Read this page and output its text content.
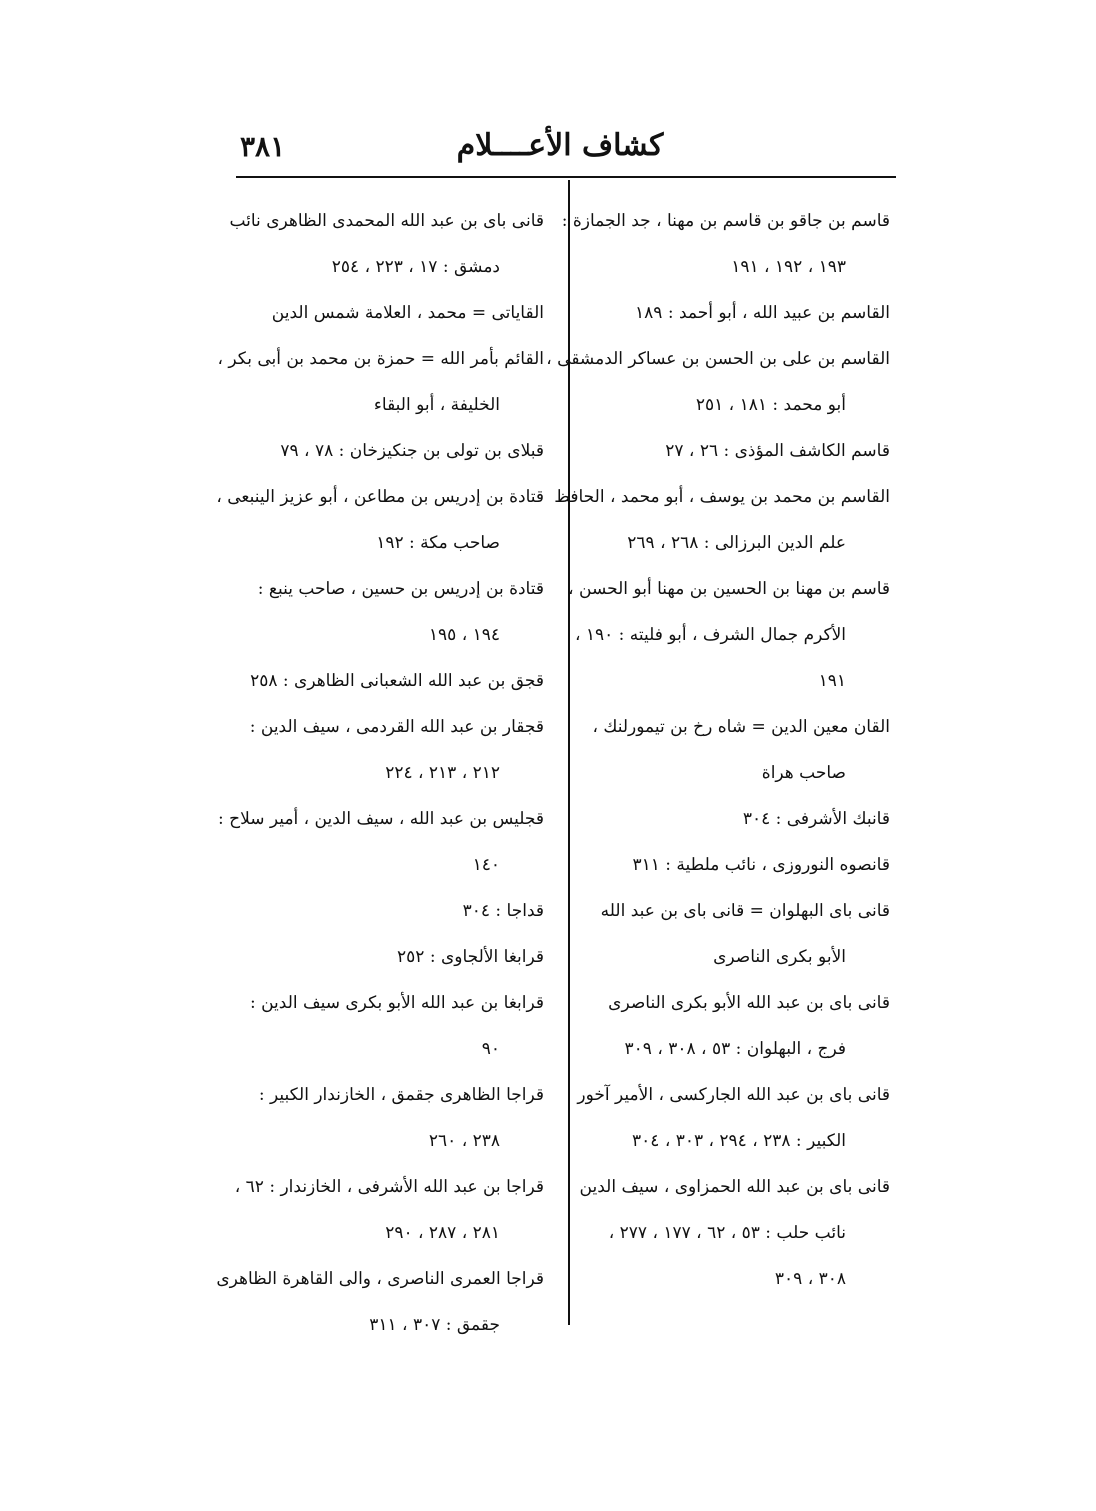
كشاف الأعــــلام
٣٨١
قاسم بن جاقو بن قاسم بن مهنا ، جد الجمازة :
١٩٣ ، ١٩٢ ، ١٩١
القاسم بن عبيد الله ، أبو أحمد : ١٨٩
القاسم بن على بن الحسن بن عساكر الدمشقى ،
أبو محمد : ١٨١ ، ٢٥١
قاسم الكاشف المؤذى : ٢٦ ، ٢٧
القاسم بن محمد بن يوسف ، أبو محمد ، الحافظ
علم الدين البرزالى : ٢٦٨ ، ٢٦٩
قاسم بن مهنا بن الحسين بن مهنا أبو الحسن ،
الأكرم جمال الشرف ، أبو فليته : ١٩٠ ،
١٩١
القان معين الدين = شاه رخ بن تيمورلنك ،
صاحب هراة
قانبك الأشرفى : ٣٠٤
قانصوه النوروزى ، نائب ملطية : ٣١١
قانى باى البهلوان = قانى باى بن عبد الله
الأبو بكرى الناصرى
قانى باى بن عبد الله الأبو بكرى الناصرى
فرج ، البهلوان : ٥٣ ، ٣٠٨ ، ٣٠٩
قانى باى بن عبد الله الجاركسى ، الأمير آخور
الكبير : ٢٣٨ ، ٢٩٤ ، ٣٠٣ ، ٣٠٤
قانى باى بن عبد الله الحمزاوى ، سيف الدين
نائب حلب : ٥٣ ، ٦٢ ، ١٧٧ ، ٢٧٧ ،
٣٠٨ ، ٣٠٩
قانى باى بن عبد الله المحمدى الظاهرى نائب
دمشق : ١٧ ، ٢٢٣ ، ٢٥٤
القاياتى = محمد ، العلامة شمس الدين
القائم بأمر الله = حمزة بن محمد بن أبى بكر ،
الخليفة ، أبو البقاء
قبلاى بن تولى بن جنكيزخان : ٧٨ ، ٧٩
قتادة بن إدريس بن مطاعن ، أبو عزيز الينبعى ،
صاحب مكة : ١٩٢
قتادة بن إدريس بن حسين ، صاحب ينبع :
١٩٤ ، ١٩٥
قجق بن عبد الله الشعبانى الظاهرى : ٢٥٨
قجقار بن عبد الله القردمى ، سيف الدين :
٢١٢ ، ٢١٣ ، ٢٢٤
قجليس بن عبد الله ، سيف الدين ، أمير سلاح :
١٤٠
قداجا : ٣٠٤
قرابغا الألجاوى : ٢٥٢
قرابغا بن عبد الله الأبو بكرى سيف الدين :
٩٠
قراجا الظاهرى جقمق ، الخازندار الكبير :
٢٣٨ ، ٢٦٠
قراجا بن عبد الله الأشرفى ، الخازندار : ٦٢ ،
٢٨١ ، ٢٨٧ ، ٢٩٠
قراجا العمرى الناصرى ، والى القاهرة الظاهرى
جقمق : ٣٠٧ ، ٣١١
